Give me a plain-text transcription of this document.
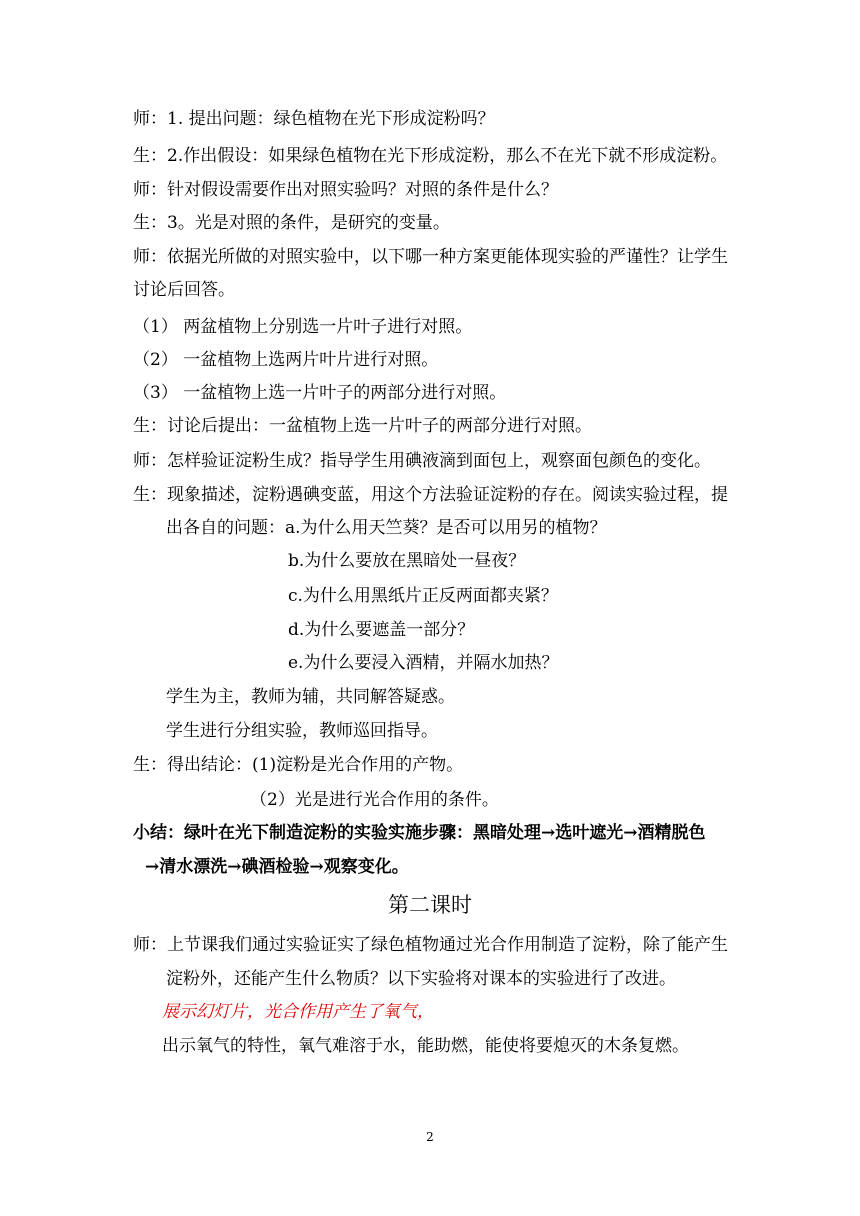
师：1. 提出问题：绿色植物在光下形成淀粉吗？
生：2.作出假设：如果绿色植物在光下形成淀粉，那么不在光下就不形成淀粉。
师：针对假设需要作出对照实验吗？对照的条件是什么？
生：3。光是对照的条件，是研究的变量。
师：依据光所做的对照实验中，以下哪一种方案更能体现实验的严谨性？让学生
讨论后回答。
（1） 两盆植物上分别选一片叶子进行对照。
（2） 一盆植物上选两片叶片进行对照。
（3） 一盆植物上选一片叶子的两部分进行对照。
生：讨论后提出：一盆植物上选一片叶子的两部分进行对照。
师：怎样验证淀粉生成？指导学生用碘液滴到面包上，观察面包颜色的变化。
生：现象描述，淀粉遇碘变蓝，用这个方法验证淀粉的存在。阅读实验过程，提
出各自的问题：a.为什么用天竺葵？是否可以用另的植物？
b.为什么要放在黑暗处一昼夜？
c.为什么用黑纸片正反两面都夹紧？
d.为什么要遮盖一部分？
e.为什么要浸入酒精，并隔水加热？
学生为主，教师为辅，共同解答疑惑。
学生进行分组实验，教师巡回指导。
生：得出结论：(1)淀粉是光合作用的产物。
（2）光是进行光合作用的条件。
小结：绿叶在光下制造淀粉的实验实施步骤：黑暗处理→选叶遮光→酒精脱色
→清水漂洗→碘酒检验→观察变化。
第二课时
师：上节课我们通过实验证实了绿色植物通过光合作用制造了淀粉，除了能产生
淀粉外，还能产生什么物质？以下实验将对课本的实验进行了改进。
展示幻灯片，光合作用产生了氧气，
出示氧气的特性，氧气难溶于水，能助燃，能使将要熄灭的木条复燃。
2
